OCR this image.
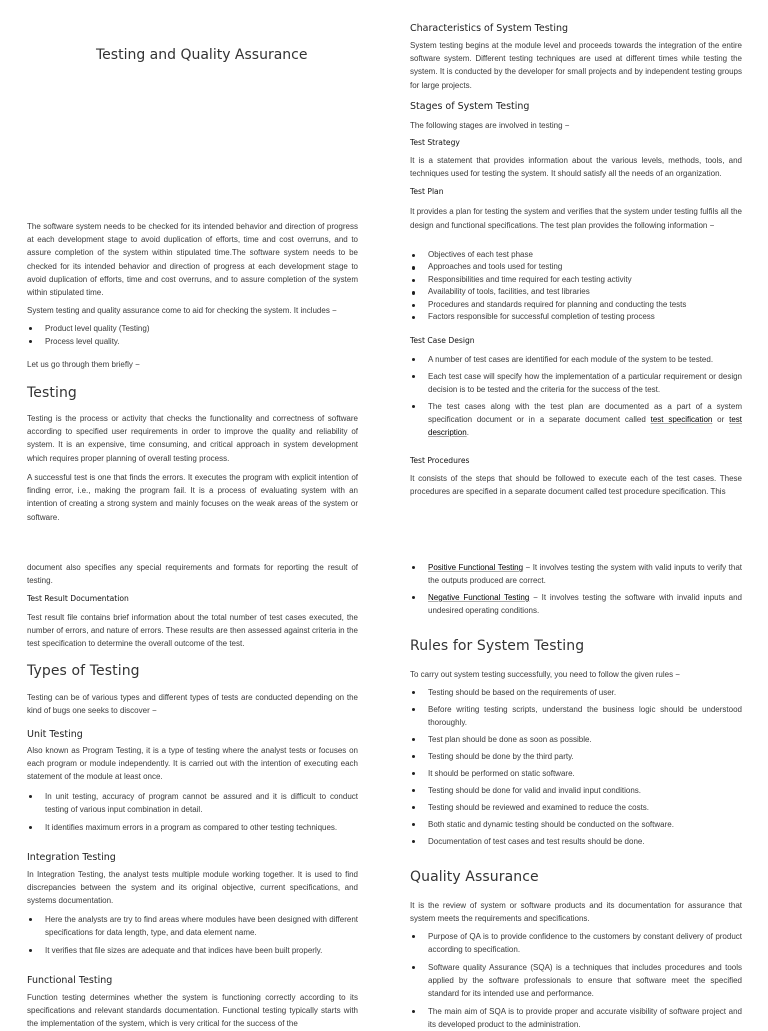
Testing and Quality Assurance

The software system needs to be checked for its intended behavior and direction of progress at each development stage to avoid duplication of efforts, time and cost overruns, and to assure completion of the system within stipulated time.The software system needs to be checked for its intended behavior and direction of progress at each development stage to avoid duplication of efforts, time and cost overruns, and to assure completion of the system within stipulated time.

System testing and quality assurance come to aid for checking the system. It includes −

Product level quality (Testing)
Process level quality.

Let us go through them briefly −

Testing

Testing is the process or activity that checks the functionality and correctness of software according to specified user requirements in order to improve the quality and reliability of system. It is an expensive, time consuming, and critical approach in system development which requires proper planning of overall testing process.

A successful test is one that finds the errors. It executes the program with explicit intention of finding error, i.e., making the program fail. It is a process of evaluating system with an intention of creating a strong system and mainly focuses on the weak areas of the system or software.

Characteristics of System Testing

System testing begins at the module level and proceeds towards the integration of the entire software system. Different testing techniques are used at different times while testing the system. It is conducted by the developer for small projects and by independent testing groups for large projects.

Stages of System Testing

The following stages are involved in testing −

Test Strategy

It is a statement that provides information about the various levels, methods, tools, and techniques used for testing the system. It should satisfy all the needs of an organization.

Test Plan

It provides a plan for testing the system and verifies that the system under testing fulfils all the design and functional specifications. The test plan provides the following information −

Objectives of each test phase
Approaches and tools used for testing
Responsibilities and time required for each testing activity
Availability of tools, facilities, and test libraries
Procedures and standards required for planning and conducting the tests
Factors responsible for successful completion of testing process
Test Case Design
A number of test cases are identified for each module of the system to be tested.
Each test case will specify how the implementation of a particular requirement or design decision is to be tested and the criteria for the success of the test.
The test cases along with the test plan are documented as a part of a system specification document or in a separate document called test specification or test description.
Test Procedures

It consists of the steps that should be followed to execute each of the test cases. These procedures are specified in a separate document called test procedure specification. This

document also specifies any special requirements and formats for reporting the result of testing.

Test Result Documentation

Test result file contains brief information about the total number of test cases executed, the number of errors, and nature of errors. These results are then assessed against criteria in the test specification to determine the overall outcome of the test.

Types of Testing

Testing can be of various types and different types of tests are conducted depending on the kind of bugs one seeks to discover −

Unit Testing

Also known as Program Testing, it is a type of testing where the analyst tests or focuses on each program or module independently. It is carried out with the intention of executing each statement of the module at least once.

In unit testing, accuracy of program cannot be assured and it is difficult to conduct testing of various input combination in detail.
It identifies maximum errors in a program as compared to other testing techniques.
Integration Testing

In Integration Testing, the analyst tests multiple module working together. It is used to find discrepancies between the system and its original objective, current specifications, and systems documentation.

Here the analysts are try to find areas where modules have been designed with different specifications for data length, type, and data element name.
It verifies that file sizes are adequate and that indices have been built properly.
Functional Testing

Function testing determines whether the system is functioning correctly according to its specifications and relevant standards documentation. Functional testing typically starts with the implementation of the system, which is very critical for the success of the

Positive Functional Testing − It involves testing the system with valid inputs to verify that the outputs produced are correct.
Negative Functional Testing − It involves testing the software with invalid inputs and undesired operating conditions.
Rules for System Testing

To carry out system testing successfully, you need to follow the given rules −

Testing should be based on the requirements of user.
Before writing testing scripts, understand the business logic should be understood thoroughly.
Test plan should be done as soon as possible.
Testing should be done by the third party.
It should be performed on static software.
Testing should be done for valid and invalid input conditions.
Testing should be reviewed and examined to reduce the costs.
Both static and dynamic testing should be conducted on the software.
Documentation of test cases and test results should be done.
Quality Assurance

It is the review of system or software products and its documentation for assurance that system meets the requirements and specifications.

Purpose of QA is to provide confidence to the customers by constant delivery of product according to specification.
Software quality Assurance (SQA) is a techniques that includes procedures and tools applied by the software professionals to ensure that software meet the specified standard for its intended use and performance.
The main aim of SQA is to provide proper and accurate visibility of software project and its developed product to the administration.
